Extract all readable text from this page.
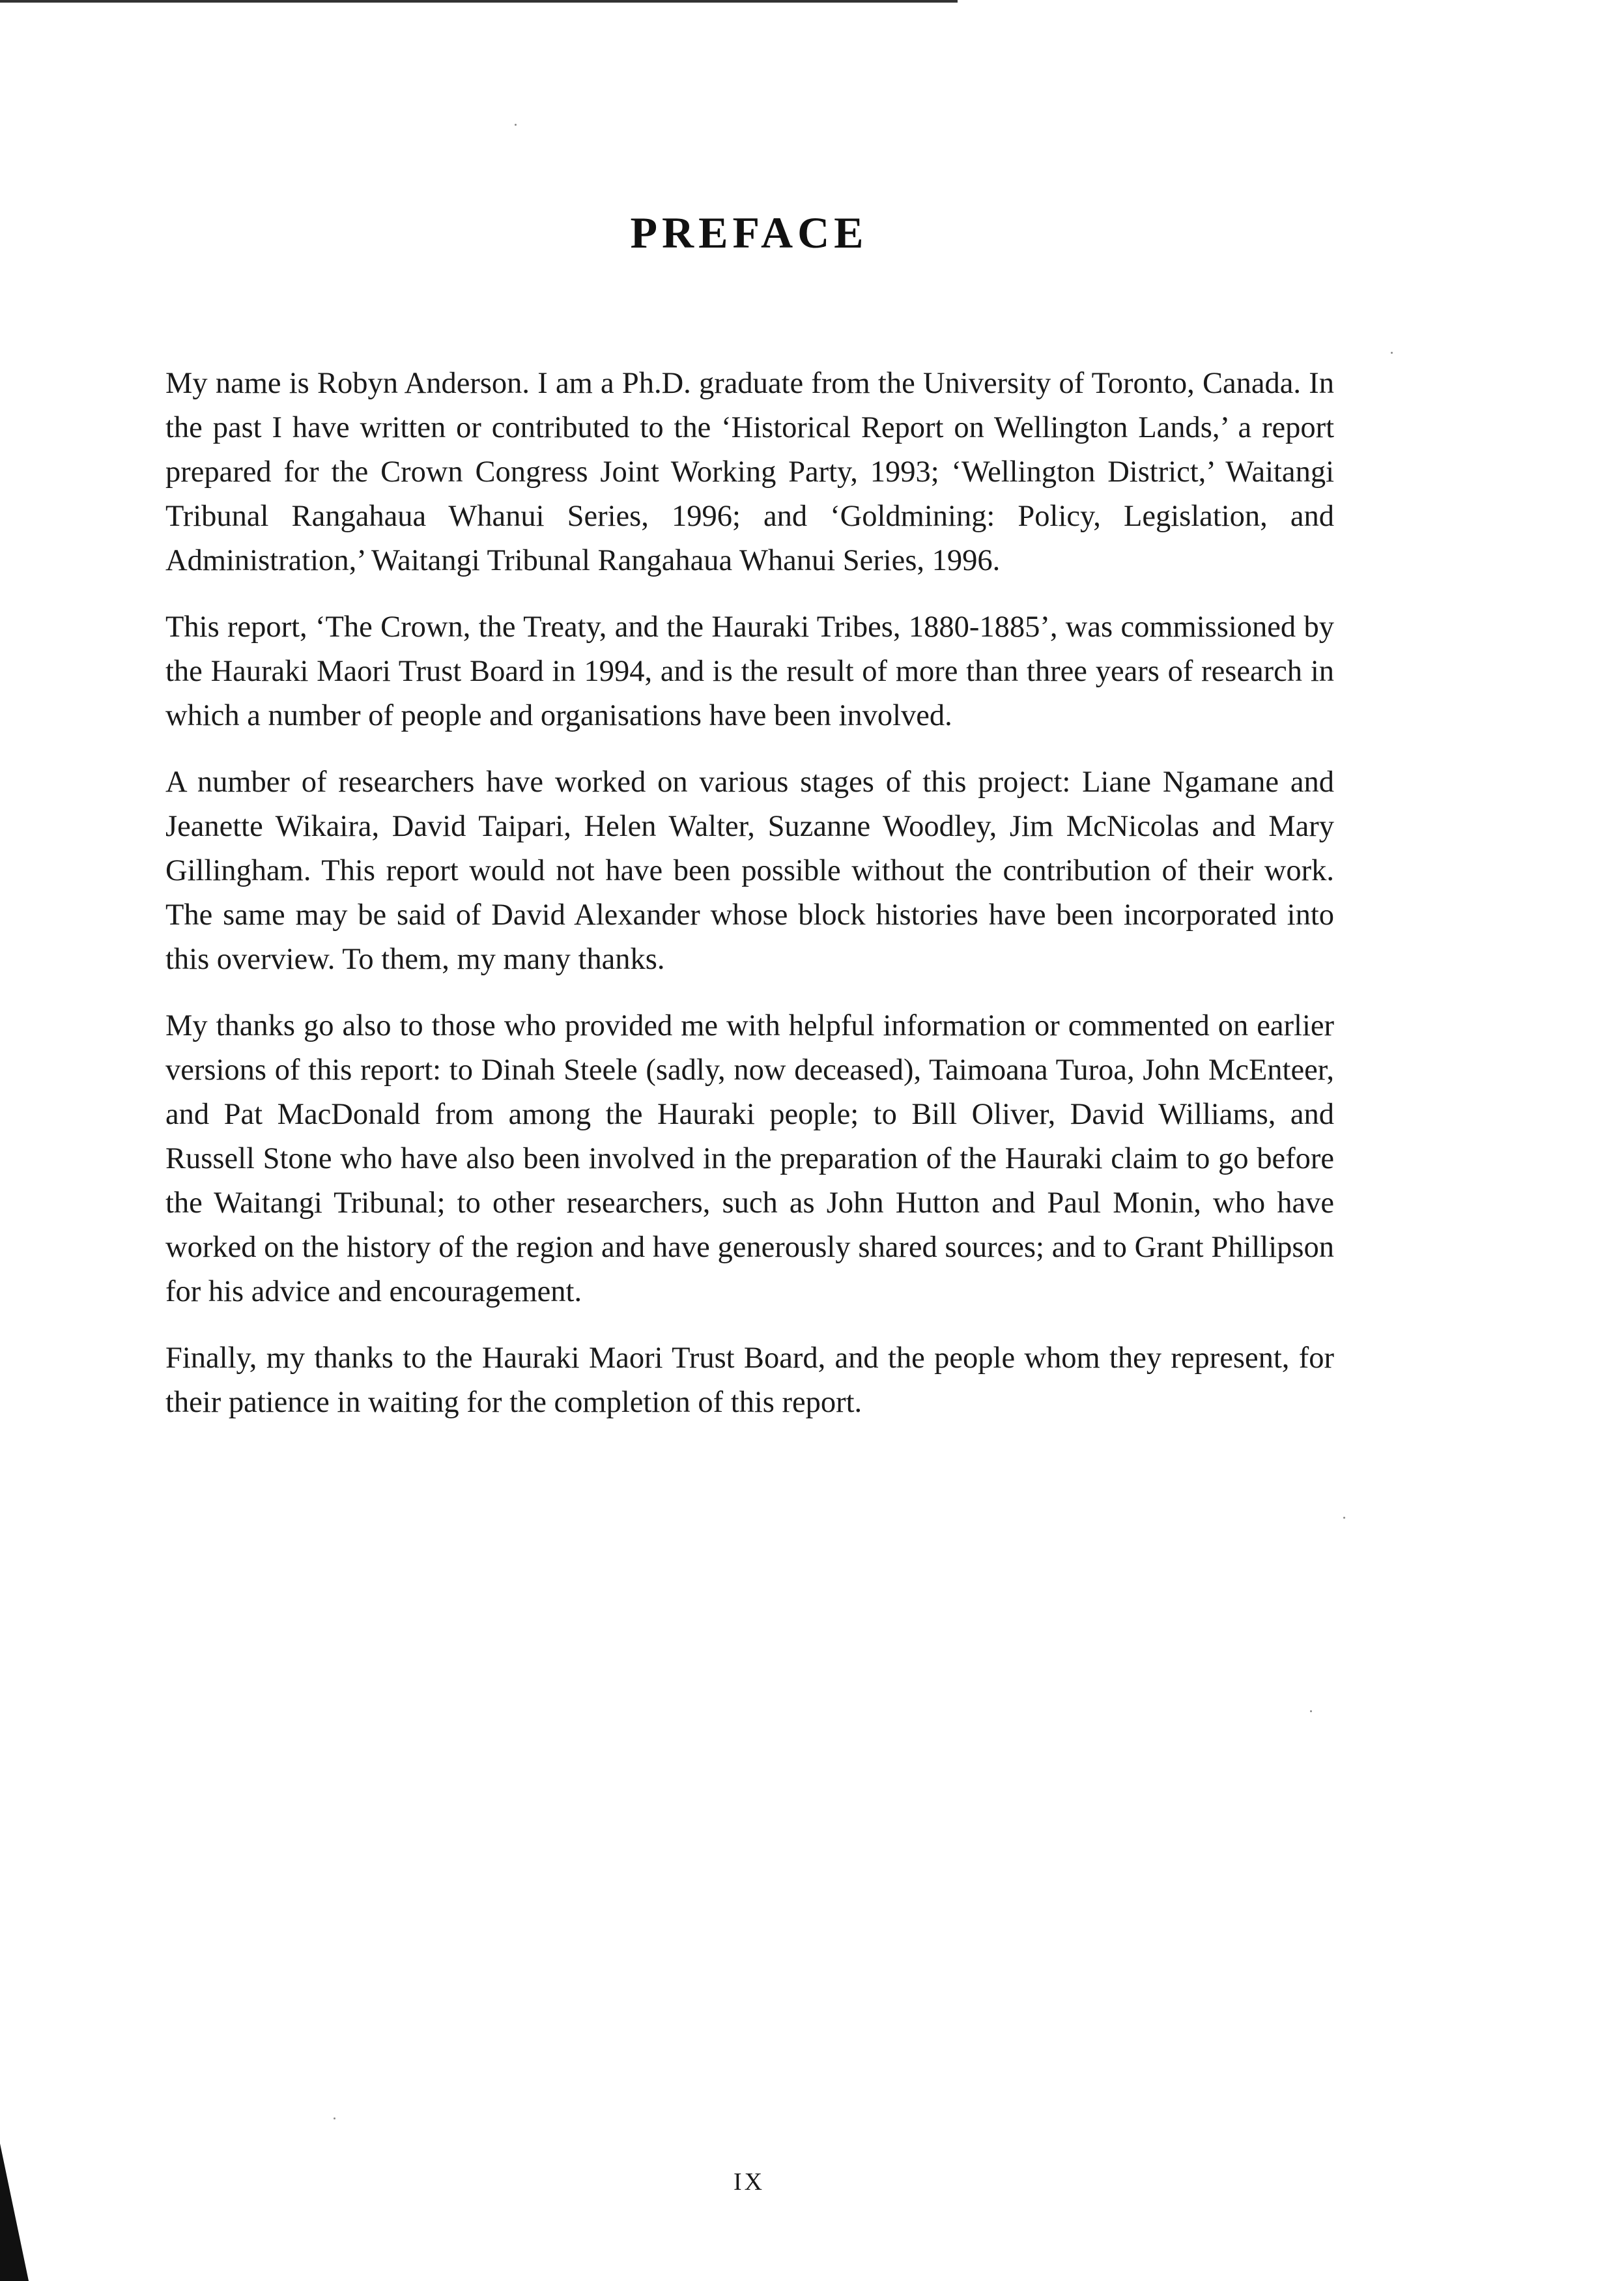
PREFACE

My name is Robyn Anderson. I am a Ph.D. graduate from the University of Toronto, Canada. In the past I have written or contributed to the ‘Historical Report on Wellington Lands,’ a report prepared for the Crown Congress Joint Working Party, 1993; ‘Wellington District,’ Waitangi Tribunal Rangahaua Whanui Series, 1996; and ‘Goldmining: Policy, Legislation, and Administration,’ Waitangi Tribunal Rangahaua Whanui Series, 1996.

This report, ‘The Crown, the Treaty, and the Hauraki Tribes, 1880-1885’, was commissioned by the Hauraki Maori Trust Board in 1994, and is the result of more than three years of research in which a number of people and organisations have been involved.

A number of researchers have worked on various stages of this project: Liane Ngamane and Jeanette Wikaira, David Taipari, Helen Walter, Suzanne Woodley, Jim McNicolas and Mary Gillingham. This report would not have been possible without the contribution of their work. The same may be said of David Alexander whose block histories have been incorporated into this overview. To them, my many thanks.

My thanks go also to those who provided me with helpful information or commented on earlier versions of this report: to Dinah Steele (sadly, now deceased), Taimoana Turoa, John McEnteer, and Pat MacDonald from among the Hauraki people; to Bill Oliver, David Williams, and Russell Stone who have also been involved in the preparation of the Hauraki claim to go before the Waitangi Tribunal; to other researchers, such as John Hutton and Paul Monin, who have worked on the history of the region and have generously shared sources; and to Grant Phillipson for his advice and encouragement.

Finally, my thanks to the Hauraki Maori Trust Board, and the people whom they represent, for their patience in waiting for the completion of this report.

IX
